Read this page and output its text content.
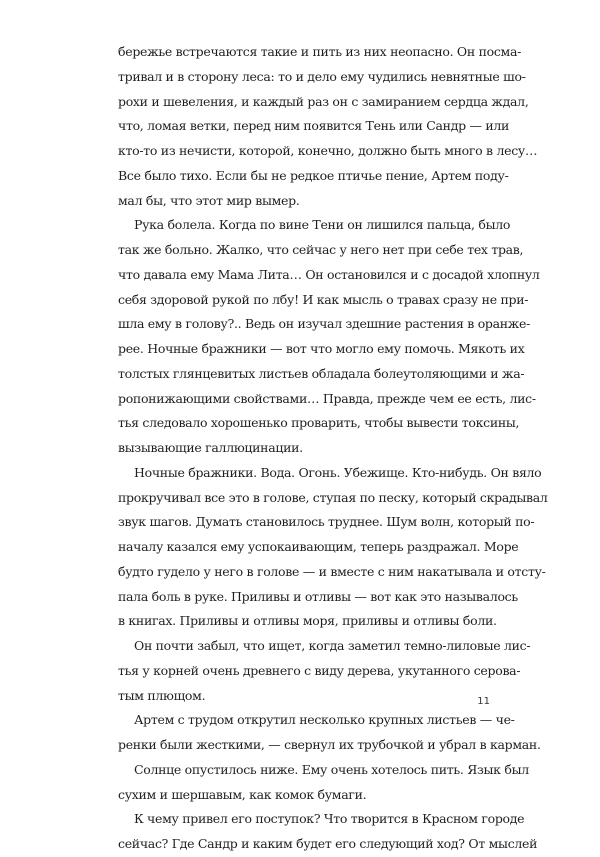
бережье встречаются такие и пить из них неопасно. Он посма-
тривал и в сторону леса: то и дело ему чудились невнятные шо-
рохи и шевеления, и каждый раз он с замиранием сердца ждал,
что, ломая ветки, перед ним появится Тень или Сандр — или
кто-то из нечисти, которой, конечно, должно быть много в лесу…
Все было тихо. Если бы не редкое птичье пение, Артем поду-
мал бы, что этот мир вымер.
Рука болела. Когда по вине Тени он лишился пальца, было
так же больно. Жалко, что сейчас у него нет при себе тех трав,
что давала ему Мама Лита… Он остановился и с досадой хлопнул
себя здоровой рукой по лбу! И как мысль о травах сразу не при-
шла ему в голову?.. Ведь он изучал здешние растения в оранже-
рее. Ночные бражники — вот что могло ему помочь. Мякоть их
толстых глянцевитых листьев обладала болеутоляющими и жа-
ропонижающими свойствами… Правда, прежде чем ее есть, лис-
тья следовало хорошенько проварить, чтобы вывести токсины,
вызывающие галлюцинации.
Ночные бражники. Вода. Огонь. Убежище. Кто-нибудь. Он вяло
прокручивал все это в голове, ступая по песку, который скрадывал
звук шагов. Думать становилось труднее. Шум волн, который по-
началу казался ему успокаивающим, теперь раздражал. Море
будто гудело у него в голове — и вместе с ним накатывала и отсту-
пала боль в руке. Приливы и отливы — вот как это называлось
в книгах. Приливы и отливы моря, приливы и отливы боли.
Он почти забыл, что ищет, когда заметил темно-лиловые лис-
тья у корней очень древнего с виду дерева, укутанного серова-
тым плющом.
Артем с трудом открутил несколько крупных листьев — че-
ренки были жесткими, — свернул их трубочкой и убрал в карман.
Солнце опустилось ниже. Ему очень хотелось пить. Язык был
сухим и шершавым, как комок бумаги.
К чему привел его поступок? Что творится в Красном городе
сейчас? Где Сандр и каким будет его следующий ход? От мыслей
11
